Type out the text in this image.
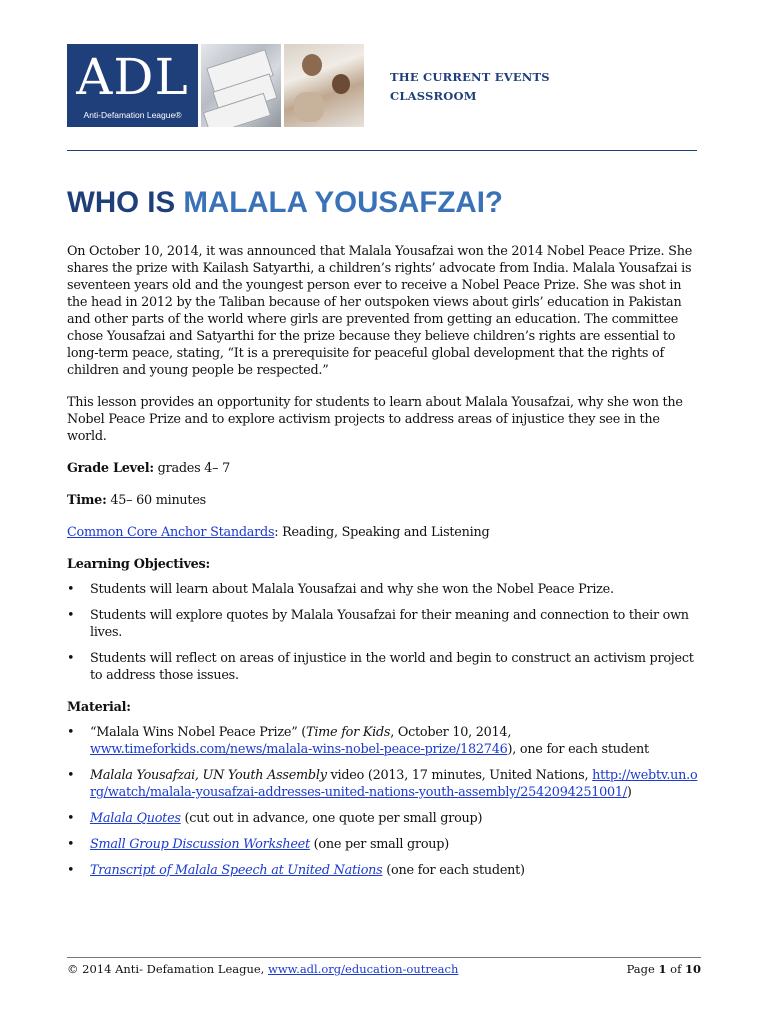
ADL
Anti-Defamation League®
THE CURRENT EVENTS
CLASSROOM
WHO IS MALALA YOUSAFZAI?

On October 10, 2014, it was announced that Malala Yousafzai won the 2014 Nobel Peace Prize. She shares the prize with Kailash Satyarthi, a children’s rights’ advocate from India. Malala Yousafzai is seventeen years old and the youngest person ever to receive a Nobel Peace Prize. She was shot in the head in 2012 by the Taliban because of her outspoken views about girls’ education in Pakistan and other parts of the world where girls are prevented from getting an education. The committee chose Yousafzai and Satyarthi for the prize because they believe children’s rights are essential to long-term peace, stating, “It is a prerequisite for peaceful global development that the rights of children and young people be respected.”

This lesson provides an opportunity for students to learn about Malala Yousafzai, why she won the Nobel Peace Prize and to explore activism projects to address areas of injustice they see in the world.

Grade Level: grades 4– 7

Time: 45– 60 minutes

Common Core Anchor Standards: Reading, Speaking and Listening

Learning Objectives:

• Students will learn about Malala Yousafzai and why she won the Nobel Peace Prize.
• Students will explore quotes by Malala Yousafzai for their meaning and connection to their own lives.
• Students will reflect on areas of injustice in the world and begin to construct an activism project to address those issues.

Material:

• “Malala Wins Nobel Peace Prize” (Time for Kids, October 10, 2014, www.timeforkids.com/news/malala-wins-nobel-peace-prize/182746), one for each student
• Malala Yousafzai, UN Youth Assembly video (2013, 17 minutes, United Nations, http://webtv.un.org/watch/malala-yousafzai-addresses-united-nations-youth-assembly/2542094251001/)
• Malala Quotes (cut out in advance, one quote per small group)
• Small Group Discussion Worksheet (one per small group)
• Transcript of Malala Speech at United Nations (one for each student)
© 2014 Anti- Defamation League, www.adl.org/education-outreach	Page 1 of 10
